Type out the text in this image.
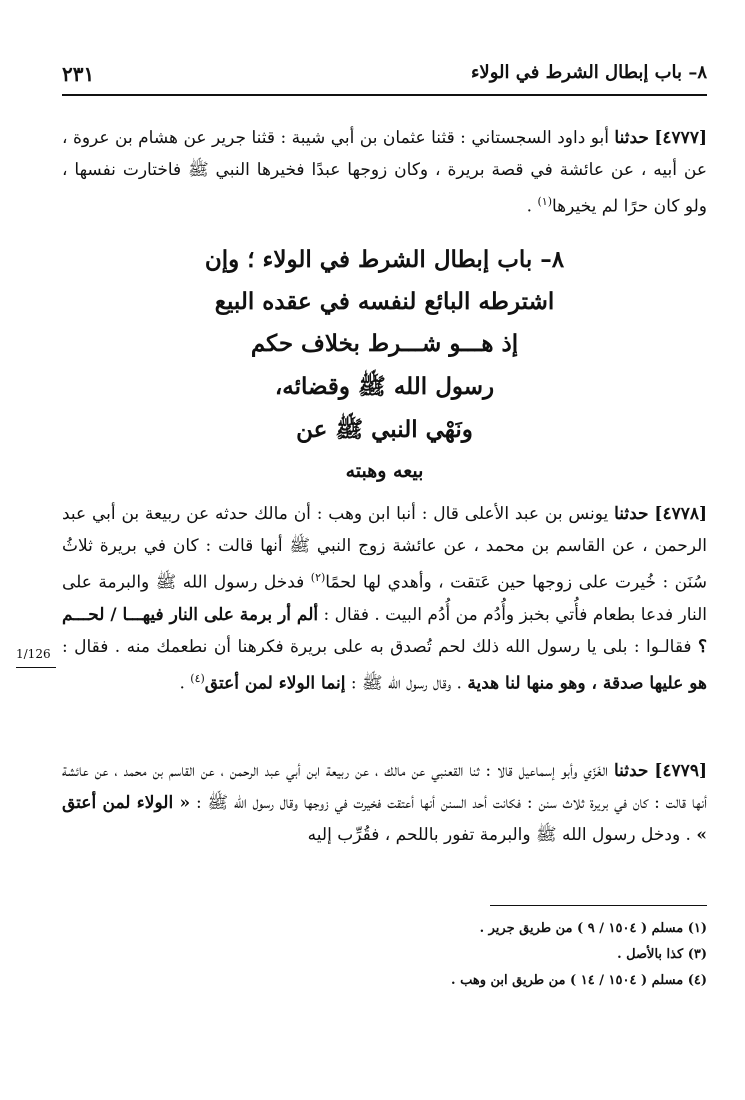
٨– باب إبطال الشرط في الولاء
٢٣١

[٤٧٧٧] حدثنا أبو داود السجستاني : قثنا عثمان بن أبي شيبة : قثنا جرير عن هشام بن عروة ، عن أبيه ، عن عائشة في قصة بريرة ، وكان زوجها عبدًا فخيرها النبي ﷺ فاختارت نفسها ، ولو كان حرًا لم يخيرها$^{(١)}$ .

٨– باب إبطال الشرط في الولاء ؛ وإن
اشترطه البائع لنفسه في عقده البيع
إذ هـــو شـــرط بخلاف حكم
رسول الله ﷺ وقضائه،
ونَهْي النبي ﷺ عن
بيعه وهبته

[٤٧٧٨] حدثنا يونس بن عبد الأعلى قال : أنبا ابن وهب : أن مالك حدثه عن ربيعة بن أبي عبد الرحمن ، عن القاسم بن محمد ، عن عائشة زوج النبي ﷺ أنها قالت : كان في بريرة ثلاثُ سُنَن : خُيرت على زوجها حين عَتقت ، وأهدي لها لحمًا$^{(٢)}$ فدخل رسول الله ﷺ والبرمة على النار فدعا بطعام فأُتي بخبز وأُدُم من أُدُم البيت . فقال : ألم أر برمة على النار فيهـــا / لحـــم ؟ فقالـوا : بلى يا رسول الله ذلك لحم تُصدق به على بريرة فكرهنا أن نطعمك منه . فقال : هو عليها صدقة ، وهو منها لنا هدية . وقال رسول الله ﷺ : إنما الولاء لمن أعتق$^{(٤)}$ .

1/126

[٤٧٧٩] حدثنا الغَزّي وأبو إسماعيل قالا : ثنا القعنبي عن مالك ، عن ربيعة ابن أبي عبد الرحمن ، عن القاسم بن محمد ، عن عائشة أنها قالت : كان في بريرة ثلاث سنن : فكانت أحد السنن أنها أعتقت فخيرت في زوجها وقال رسول الله ﷺ : « الولاء لمن أعتق » . ودخل رسول الله ﷺ والبرمة تفور باللحم ، فقُرِّب إليه

(١) مسلم ( ١٥٠٤ / ٩ ) من طريق جرير .
(٣) كذا بالأصل .
(٤) مسلم ( ١٥٠٤ / ١٤ ) من طريق ابن وهب .
